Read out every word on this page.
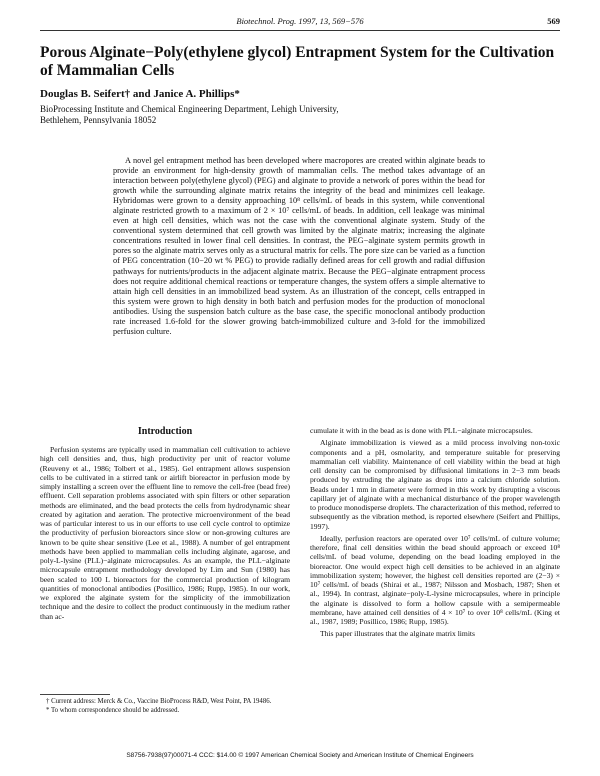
Biotechnol. Prog. 1997, 13, 569−576	569
Porous Alginate−Poly(ethylene glycol) Entrapment System for the Cultivation of Mammalian Cells

Douglas B. Seifert† and Janice A. Phillips*

BioProcessing Institute and Chemical Engineering Department, Lehigh University,
Bethlehem, Pennsylvania 18052

A novel gel entrapment method has been developed where macropores are created within alginate beads to provide an environment for high-density growth of mammalian cells. The method takes advantage of an interaction between poly(ethylene glycol) (PEG) and alginate to provide a network of pores within the bead for growth while the surrounding alginate matrix retains the integrity of the bead and minimizes cell leakage. Hybridomas were grown to a density approaching 10⁸ cells/mL of beads in this system, while conventional alginate restricted growth to a maximum of 2 × 10⁷ cells/mL of beads. In addition, cell leakage was minimal even at high cell densities, which was not the case with the conventional alginate system. Study of the conventional system determined that cell growth was limited by the alginate matrix; increasing the alginate concentrations resulted in lower final cell densities. In contrast, the PEG−alginate system permits growth in pores so the alginate matrix serves only as a structural matrix for cells. The pore size can be varied as a function of PEG concentration (10−20 wt % PEG) to provide radially defined areas for cell growth and radial diffusion pathways for nutrients/products in the adjacent alginate matrix. Because the PEG−alginate entrapment process does not require additional chemical reactions or temperature changes, the system offers a simple alternative to attain high cell densities in an immobilized bead system. As an illustration of the concept, cells entrapped in this system were grown to high density in both batch and perfusion modes for the production of monoclonal antibodies. Using the suspension batch culture as the base case, the specific monoclonal antibody production rate increased 1.6-fold for the slower growing batch-immobilized culture and 3-fold for the immobilized perfusion culture.

Introduction

Perfusion systems are typically used in mammalian cell cultivation to achieve high cell densities and, thus, high productivity per unit of reactor volume (Reuveny et al., 1986; Tolbert et al., 1985). Gel entrapment allows suspension cells to be cultivated in a stirred tank or airlift bioreactor in perfusion mode by simply installing a screen over the effluent line to remove the cell-free (bead free) effluent. Cell separation problems associated with spin filters or other separation methods are eliminated, and the bead protects the cells from hydrodynamic shear created by agitation and aeration. The protective microenvironment of the bead was of particular interest to us in our efforts to use cell cycle control to optimize the productivity of perfusion bioreactors since slow or non-growing cultures are known to be quite shear sensitive (Lee et al., 1988). A number of gel entrapment methods have been applied to mammalian cells including alginate, agarose, and poly-L-lysine (PLL)−alginate microcapsules. As an example, the PLL−alginate microcapsule entrapment methodology developed by Lim and Sun (1980) has been scaled to 100 L bioreactors for the commercial production of kilogram quantities of monoclonal antibodies (Posillico, 1986; Rupp, 1985). In our work, we explored the alginate system for the simplicity of the immobilization technique and the desire to collect the product continuously in the medium rather than ac-

cumulate it with in the bead as is done with PLL−alginate microcapsules.

Alginate immobilization is viewed as a mild process involving non-toxic components and a pH, osmolarity, and temperature suitable for preserving mammalian cell viability. Maintenance of cell viability within the bead at high cell density can be compromised by diffusional limitations in 2−3 mm beads produced by extruding the alginate as drops into a calcium chloride solution. Beads under 1 mm in diameter were formed in this work by disrupting a viscous capillary jet of alginate with a mechanical disturbance of the proper wavelength to produce monodisperse droplets. The characterization of this method, referred to subsequently as the vibration method, is reported elsewhere (Seifert and Phillips, 1997).

Ideally, perfusion reactors are operated over 10⁷ cells/mL of culture volume; therefore, final cell densities within the bead should approach or exceed 10⁸ cells/mL of bead volume, depending on the bead loading employed in the bioreactor. One would expect high cell densities to be achieved in an alginate immobilization system; however, the highest cell densities reported are (2−3) × 10⁷ cells/mL of beads (Shirai et al., 1987; Nilsson and Mosbach, 1987; Shen et al., 1994). In contrast, alginate−poly-L-lysine microcapsules, where in principle the alginate is dissolved to form a hollow capsule with a semipermeable membrane, have attained cell densities of 4 × 10⁷ to over 10⁸ cells/mL (King et al., 1987, 1989; Posillico, 1986; Rupp, 1985).

This paper illustrates that the alginate matrix limits

† Current address: Merck & Co., Vaccine BioProcess R&D, West Point, PA 19486.
* To whom correspondence should be addressed.
S8756-7938(97)00071-4 CCC: $14.00 © 1997 American Chemical Society and American Institute of Chemical Engineers
